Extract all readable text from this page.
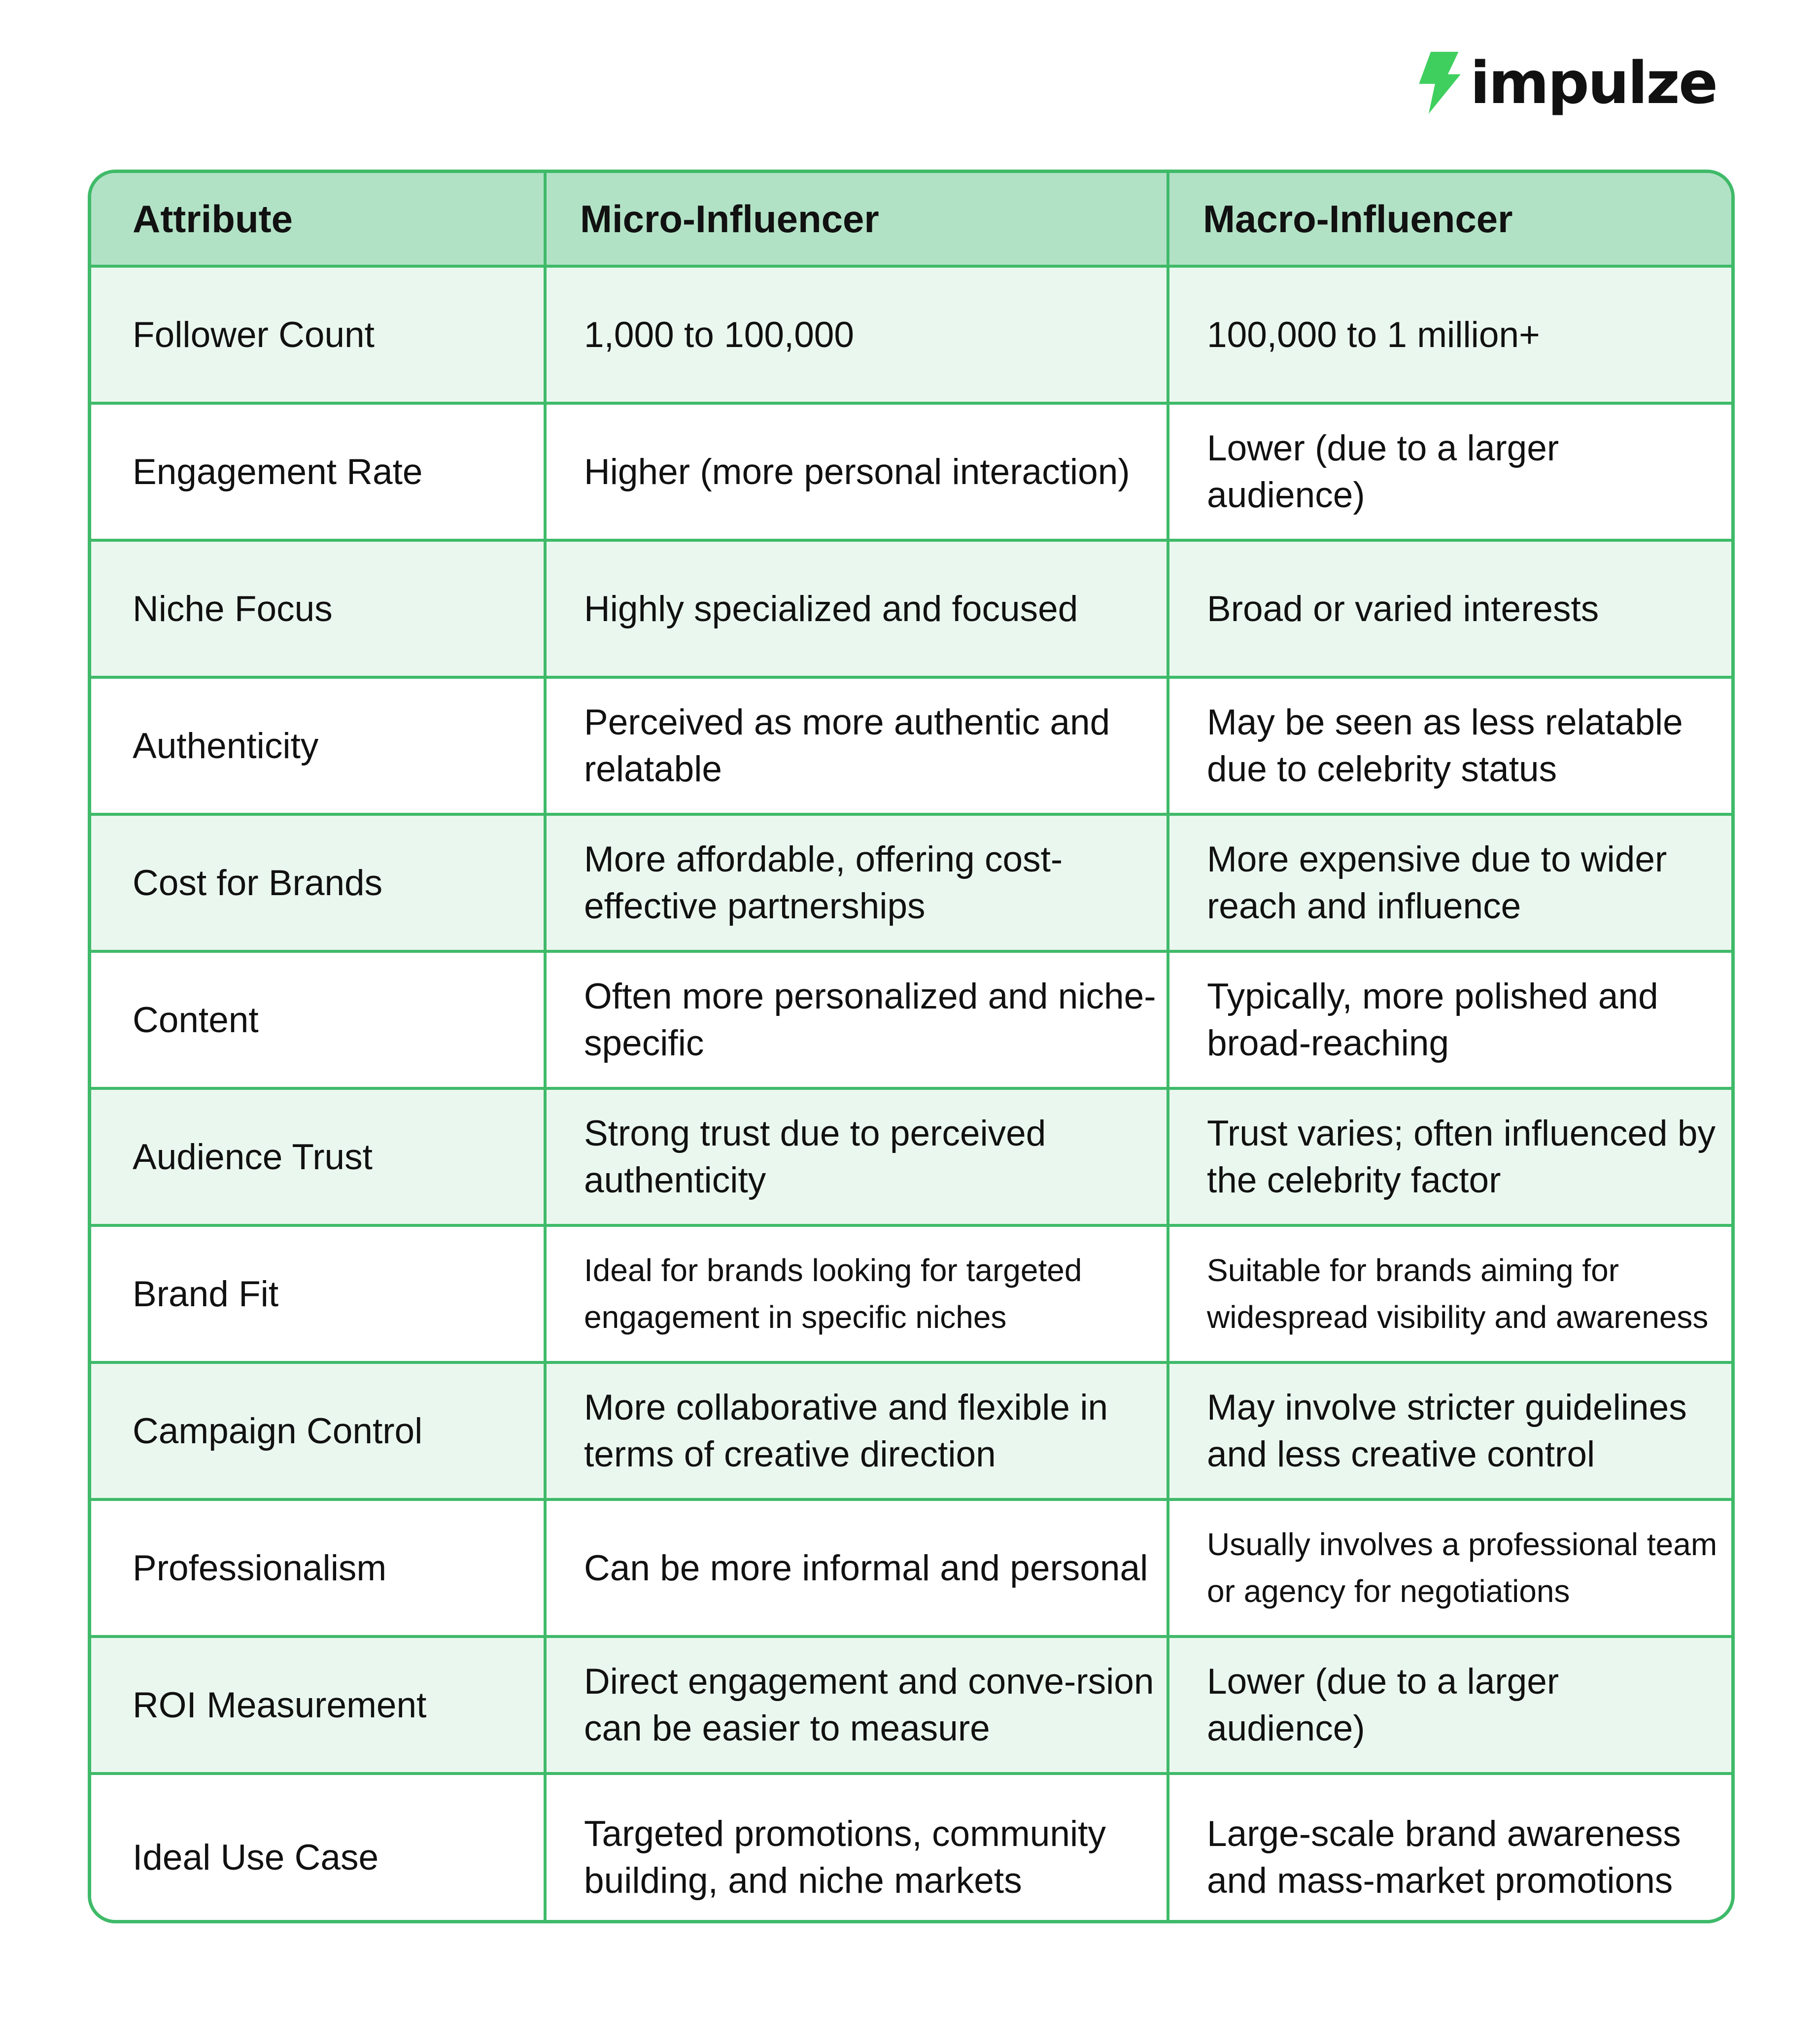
impulze
Attribute	Micro-Influencer	Macro-Influencer
Follower Count	1,000 to 100,000	100,000 to 1 million+
Engagement Rate	Higher (more personal interaction)	Lower (due to a larger audience)
Niche Focus	Highly specialized and focused	Broad or varied interests
Authenticity	Perceived as more authentic and relatable	May be seen as less relatable due to celebrity status
Cost for Brands	More affordable, offering cost-effective partnerships	More expensive due to wider reach and influence
Content	Often more personalized and niche-specific	Typically, more polished and broad-reaching
Audience Trust	Strong trust due to perceived authenticity	Trust varies; often influenced by the celebrity factor
Brand Fit	Ideal for brands looking for targeted engagement in specific niches	Suitable for brands aiming for widespread visibility and awareness
Campaign Control	More collaborative and flexible in terms of creative direction	May involve stricter guidelines and less creative control
Professionalism	Can be more informal and personal	Usually involves a professional team or agency for negotiations
ROI Measurement	Direct engagement and conve-rsion can be easier to measure	Lower (due to a larger audience)
Ideal Use Case	Targeted promotions, community building, and niche markets	Large-scale brand awareness and mass-market promotions
